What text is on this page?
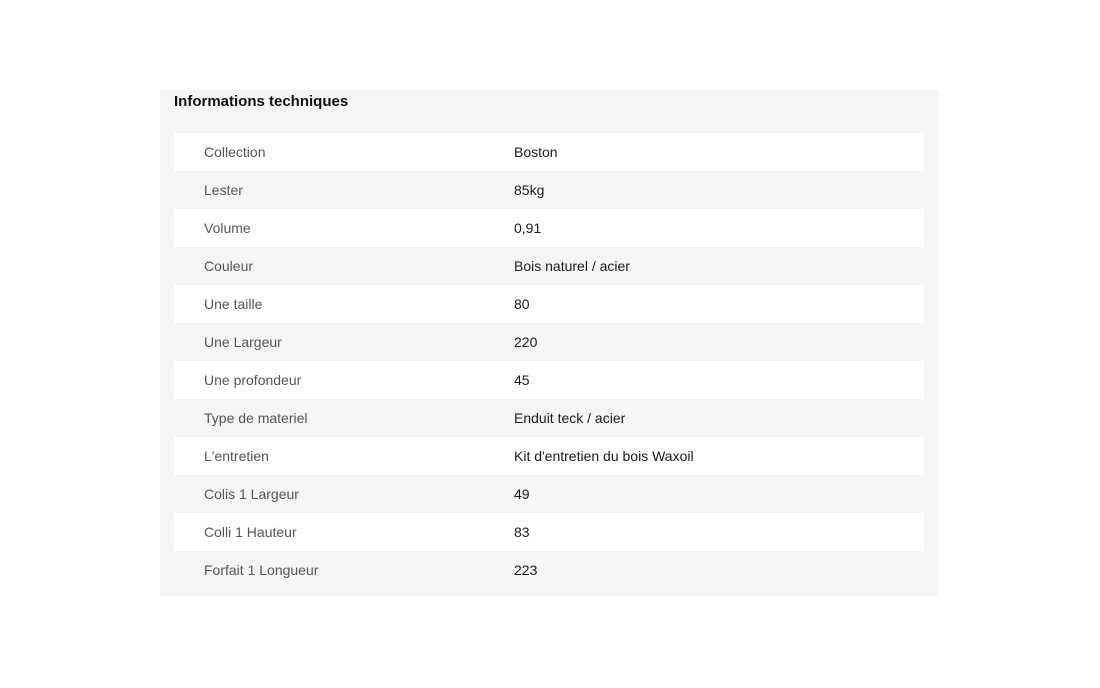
Informations techniques
Collection	Boston
Lester	85kg
Volume	0,91
Couleur	Bois naturel / acier
Une taille	80
Une Largeur	220
Une profondeur	45
Type de materiel	Enduit teck / acier
L'entretien	Kit d'entretien du bois Waxoil
Colis 1 Largeur	49
Colli 1 Hauteur	83
Forfait 1 Longueur	223
